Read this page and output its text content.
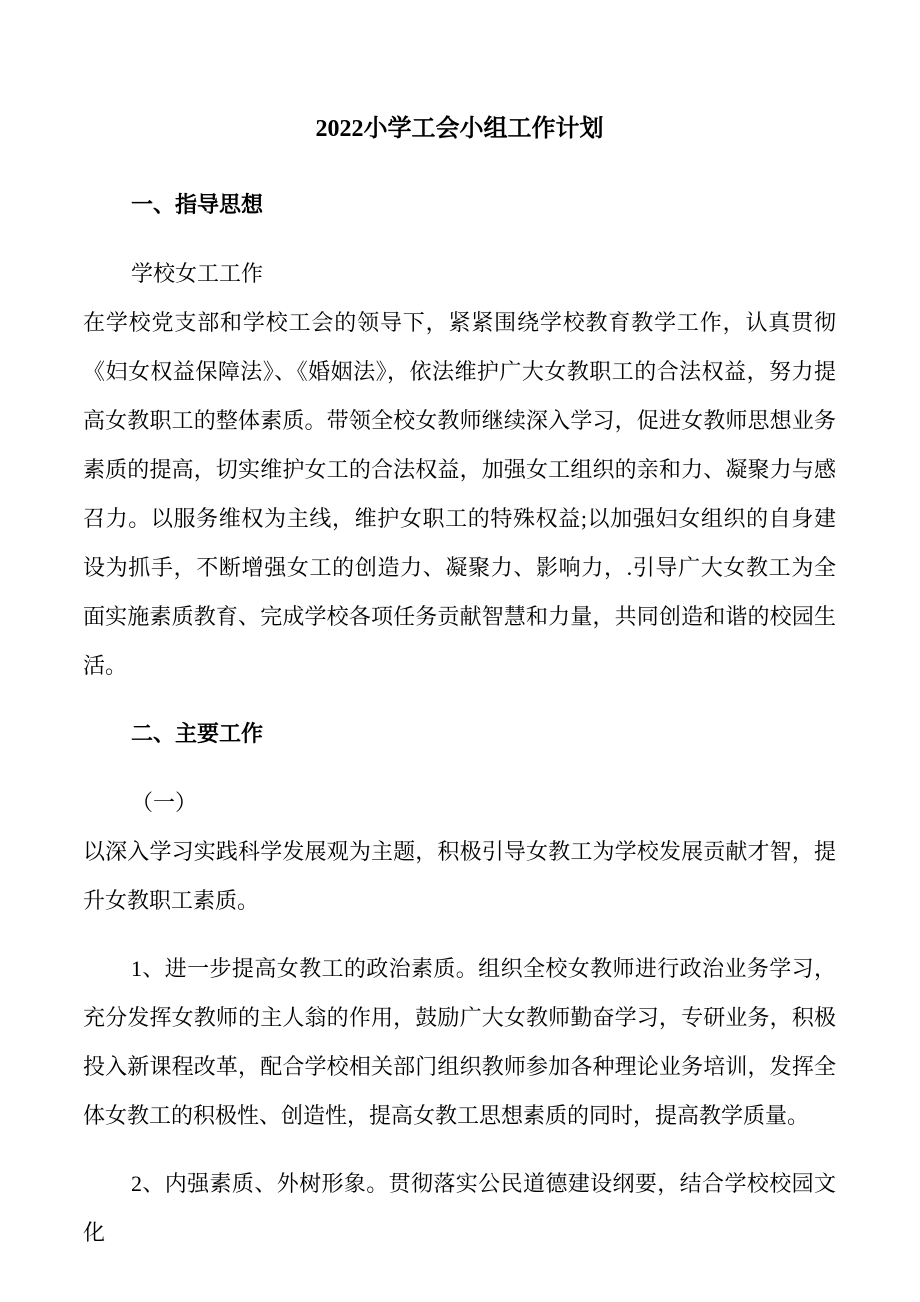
2022小学工会小组工作计划
一、指导思想
学校女工工作
在学校党支部和学校工会的领导下，紧紧围绕学校教育教学工作，认真贯彻《妇女权益保障法》、《婚姻法》，依法维护广大女教职工的合法权益，努力提高女教职工的整体素质。带领全校女教师继续深入学习，促进女教师思想业务素质的提高，切实维护女工的合法权益，加强女工组织的亲和力、凝聚力与感召力。以服务维权为主线，维护女职工的特殊权益;以加强妇女组织的自身建设为抓手，不断增强女工的创造力、凝聚力、影响力，.引导广大女教工为全面实施素质教育、完成学校各项任务贡献智慧和力量，共同创造和谐的校园生活。
二、主要工作
（一）
以深入学习实践科学发展观为主题，积极引导女教工为学校发展贡献才智，提升女教职工素质。
1、进一步提高女教工的政治素质。组织全校女教师进行政治业务学习，充分发挥女教师的主人翁的作用，鼓励广大女教师勤奋学习，专研业务，积极投入新课程改革，配合学校相关部门组织教师参加各种理论业务培训，发挥全体女教工的积极性、创造性，提高女教工思想素质的同时，提高教学质量。
2、内强素质、外树形象。贯彻落实公民道德建设纲要，结合学校校园文化
